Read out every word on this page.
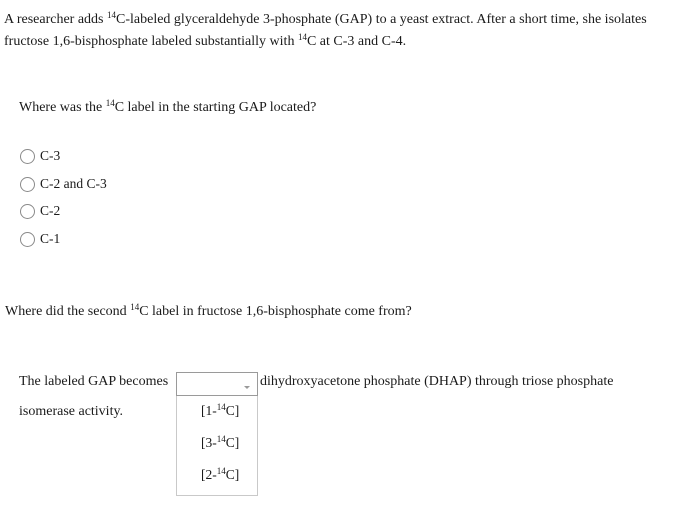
A researcher adds $^{14}$C-labeled glyceraldehyde 3-phosphate (GAP) to a yeast extract. After a short time, she isolates
fructose 1,6-bisphosphate labeled substantially with $^{14}$C at C-3 and C-4.
Where was the $^{14}$C label in the starting GAP located?
C-3
C-2 and C-3
C-2
C-1
Where did the second $^{14}$C label in fructose 1,6-bisphosphate come from?
The labeled GAP becomes	dihydroxyacetone phosphate (DHAP) through triose phosphate
isomerase activity.	[1-$^{14}$C]
[3-$^{14}$C]
[2-$^{14}$C]
